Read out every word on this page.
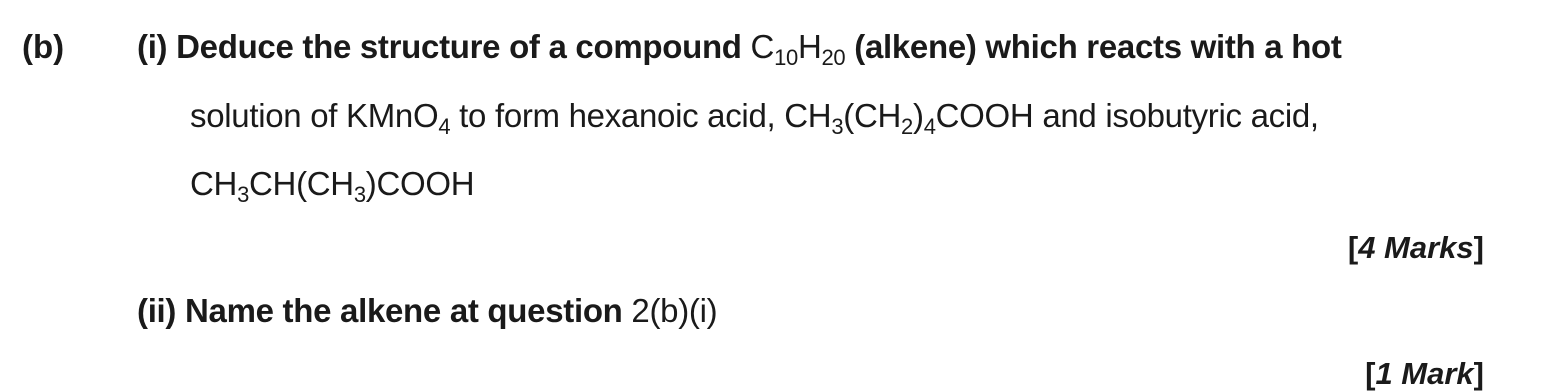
(b) (i) Deduce the structure of a compound $C_{10}H_{20}$ (alkene) which reacts with a hot
solution of KMnO$_4$ to form hexanoic acid, $CH_3(CH_2)_4COOH$ and isobutyric acid,
$CH_3CH(CH_3)COOH$
[4 Marks]
(ii) Name the alkene at question 2(b)(i)
[1 Mark]
